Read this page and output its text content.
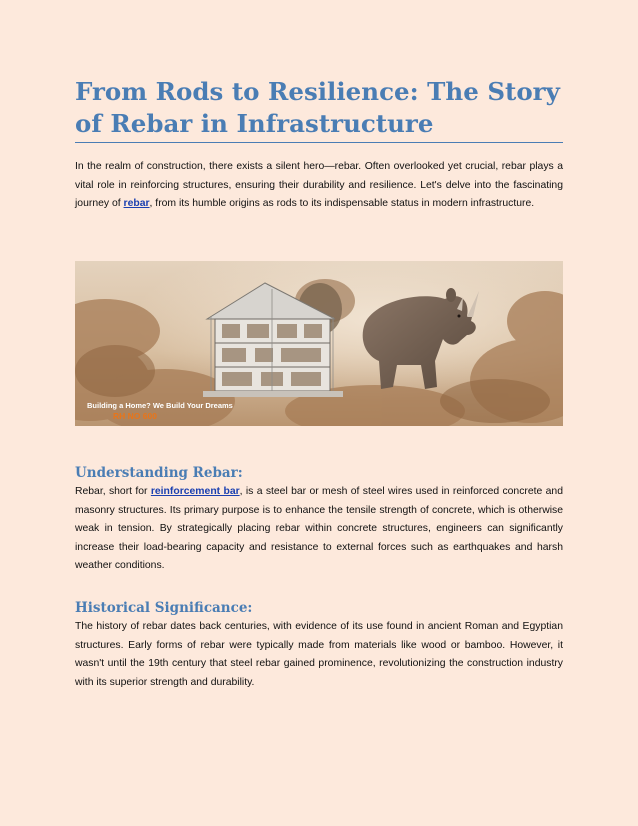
From Rods to Resilience: The Story of Rebar in Infrastructure

In the realm of construction, there exists a silent hero—rebar. Often overlooked yet crucial, rebar plays a vital role in reinforcing structures, ensuring their durability and resilience. Let's delve into the fascinating journey of rebar, from its humble origins as rods to its indispensable status in modern infrastructure.

Building a Home? We Build Your Dreams
RH NO 600
Understanding Rebar:

Rebar, short for reinforcement bar, is a steel bar or mesh of steel wires used in reinforced concrete and masonry structures. Its primary purpose is to enhance the tensile strength of concrete, which is otherwise weak in tension. By strategically placing rebar within concrete structures, engineers can significantly increase their load-bearing capacity and resistance to external forces such as earthquakes and harsh weather conditions.

Historical Significance:

The history of rebar dates back centuries, with evidence of its use found in ancient Roman and Egyptian structures. Early forms of rebar were typically made from materials like wood or bamboo. However, it wasn't until the 19th century that steel rebar gained prominence, revolutionizing the construction industry with its superior strength and durability.
